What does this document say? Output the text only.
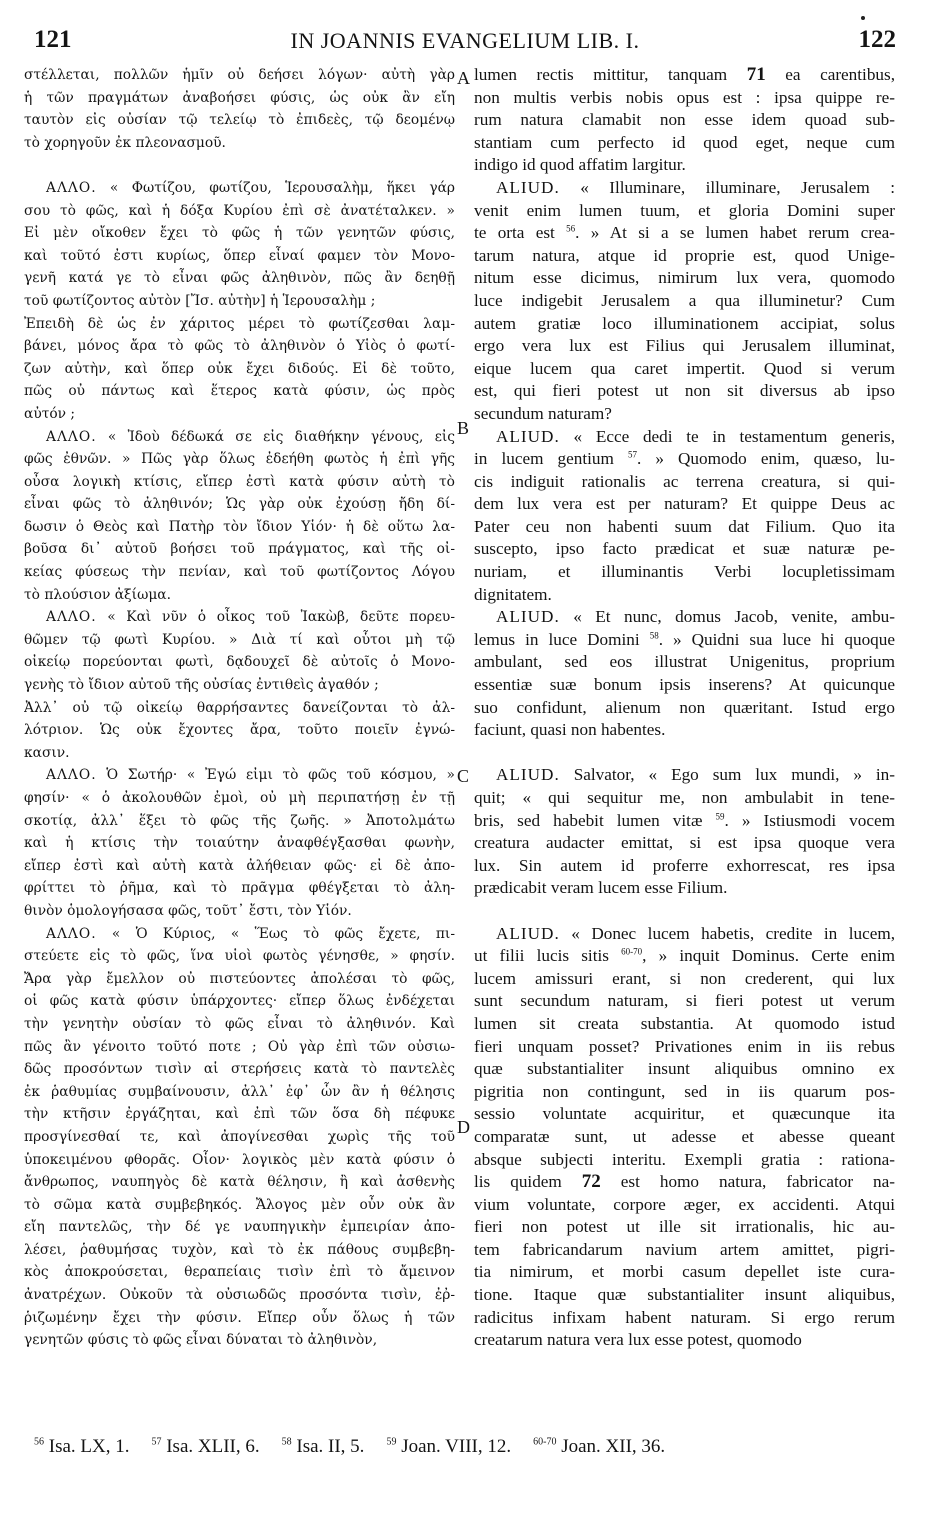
121	IN JOANNIS EVANGELIUM LIB. I.	122
στέλλεται, πολλῶν ἡμῖν οὐ δεήσει λόγων· αὐτὴ γὰρ
ἡ τῶν πραγμάτων ἀναβοήσει φύσις, ὡς οὐκ ἂν εἴη
ταυτὸν εἰς οὐσίαν τῷ τελείῳ τὸ ἐπιδεὲς, τῷ δεομένῳ
τὸ χορηγοῦν ἐκ πλεονασμοῦ.
ΑΛΛΟ. « Φωτίζου, φωτίζου, Ἱερουσαλὴμ, ἥκει γάρ
σου τὸ φῶς, καὶ ἡ δόξα Κυρίου ἐπὶ σὲ ἀνατέταλκεν. »
Εἰ μὲν οἴκοθεν ἔχει τὸ φῶς ἡ τῶν γενητῶν φύσις,
καὶ τοῦτό ἐστι κυρίως, ὅπερ εἶναί φαμεν τὸν Μονο-
γενῆ κατά γε τὸ εἶναι φῶς ἀληθινὸν, πῶς ἂν δεηθῇ
τοῦ φωτίζοντος αὐτὸν [Ἴσ. αὐτὴν] ἡ Ἱερουσαλὴμ ;
Ἐπειδὴ δὲ ὡς ἐν χάριτος μέρει τὸ φωτίζεσθαι λαμ-
βάνει, μόνος ἄρα τὸ φῶς τὸ ἀληθινὸν ὁ Υἱὸς ὁ φωτί-
ζων αὐτὴν, καὶ ὅπερ οὐκ ἔχει διδούς. Εἰ δὲ τοῦτο,
πῶς οὐ πάντως καὶ ἕτερος κατὰ φύσιν, ὡς πρὸς
αὐτόν ;
ΑΛΛΟ. « Ἰδοὺ δέδωκά σε εἰς διαθήκην γένους, εἰς
φῶς ἐθνῶν. » Πῶς γὰρ ὅλως ἐδεήθη φωτὸς ἡ ἐπὶ γῆς
οὖσα λογικὴ κτίσις, εἴπερ ἐστὶ κατὰ φύσιν αὐτὴ τὸ
εἶναι φῶς τὸ ἀληθινόν; Ὡς γὰρ οὐκ ἐχούσῃ ἤδη δί-
δωσιν ὁ Θεὸς καὶ Πατὴρ τὸν ἴδιον Υἱόν· ἡ δὲ οὕτω λα-
βοῦσα δι᾽ αὐτοῦ βοήσει τοῦ πράγματος, καὶ τῆς οἰ-
κείας φύσεως τὴν πενίαν, καὶ τοῦ φωτίζοντος Λόγου
τὸ πλούσιον ἀξίωμα.
ΑΛΛΟ. « Καὶ νῦν ὁ οἶκος τοῦ Ἰακὼβ, δεῦτε πορευ-
θῶμεν τῷ φωτὶ Κυρίου. » Διὰ τί καὶ οὗτοι μὴ τῷ
οἰκείῳ πορεύονται φωτὶ, δᾳδουχεῖ δὲ αὐτοῖς ὁ Μονο-
γενὴς τὸ ἴδιον αὐτοῦ τῆς οὐσίας ἐντιθεὶς ἀγαθόν ;
Ἀλλ᾽ οὐ τῷ οἰκείῳ θαρρήσαντες δανείζονται τὸ ἀλ-
λότριον. Ὡς οὐκ ἔχοντες ἄρα, τοῦτο ποιεῖν ἐγνώ-
κασιν.
ΑΛΛΟ. Ὁ Σωτήρ· « Ἐγώ εἰμι τὸ φῶς τοῦ κόσμου, »
φησίν· « ὁ ἀκολουθῶν ἐμοὶ, οὐ μὴ περιπατήσῃ ἐν τῇ
σκοτίᾳ, ἀλλ᾽ ἕξει τὸ φῶς τῆς ζωῆς. » Ἀποτολμάτω
καὶ ἡ κτίσις τὴν τοιαύτην ἀναφθέγξασθαι φωνὴν,
εἴπερ ἐστὶ καὶ αὐτὴ κατὰ ἀλήθειαν φῶς· εἰ δὲ ἀπο-
φρίττει τὸ ῥῆμα, καὶ τὸ πρᾶγμα φθέγξεται τὸ ἀλη-
θινὸν ὁμολογήσασα φῶς, τοῦτ᾽ ἔστι, τὸν Υἱόν.
ΑΛΛΟ. « Ὁ Κύριος, « Ἕως τὸ φῶς ἔχετε, πι-
στεύετε εἰς τὸ φῶς, ἵνα υἱοὶ φωτὸς γένησθε, » φησίν.
Ἄρα γὰρ ἔμελλον οὐ πιστεύοντες ἀπολέσαι τὸ φῶς,
οἱ φῶς κατὰ φύσιν ὑπάρχοντες· εἴπερ ὅλως ἐνδέχεται
τὴν γενητὴν οὐσίαν τὸ φῶς εἶναι τὸ ἀληθινόν. Καὶ
πῶς ἂν γένοιτο τοῦτό ποτε ; Οὐ γὰρ ἐπὶ τῶν οὐσιω-
δῶς προσόντων τισὶν αἱ στερήσεις κατὰ τὸ παντελὲς
ἐκ ῥαθυμίας συμβαίνουσιν, ἀλλ᾽ ἐφ᾽ ὧν ἂν ἡ θέλησις
τὴν κτῆσιν ἐργάζηται, καὶ ἐπὶ τῶν ὅσα δὴ πέφυκε
προσγίνεσθαί τε, καὶ ἀπογίνεσθαι χωρὶς τῆς τοῦ
ὑποκειμένου φθορᾶς. Οἷον· λογικὸς μὲν κατὰ φύσιν ὁ
ἄνθρωπος, ναυπηγὸς δὲ κατὰ θέλησιν, ἢ καὶ ἀσθενὴς
τὸ σῶμα κατὰ συμβεβηκός. Ἄλογος μὲν οὖν οὐκ ἂν
εἴη παντελῶς, τὴν δέ γε ναυπηγικὴν ἐμπειρίαν ἀπο-
λέσει, ῥαθυμήσας τυχὸν, καὶ τὸ ἐκ πάθους συμβεβη-
κὸς ἀποκρούσεται, θεραπείαις τισὶν ἐπὶ τὸ ἄμεινον
ἀνατρέχων. Οὐκοῦν τὰ οὐσιωδῶς προσόντα τισὶν, ἐῤ-
ῥιζωμένην ἔχει τὴν φύσιν. Εἴπερ οὖν ὅλως ἡ τῶν
γενητῶν φύσις τὸ φῶς εἶναι δύναται τὸ ἀληθινὸν,
lumen rectis mittitur, tanquam 71 ea carentibus,
non multis verbis nobis opus est : ipsa quippe re-
rum natura clamabit non esse idem quoad sub-
stantiam cum perfecto id quod eget, neque cum
indigo id quod affatim largitur.
ALIUD. « Illuminare, illuminare, Jerusalem :
venit enim lumen tuum, et gloria Domini super
te orta est $^{56}$. » At si a se lumen habet rerum crea-
tarum natura, atque id proprie est, quod Unige-
nitum esse dicimus, nimirum lux vera, quomodo
luce indigebit Jerusalem a qua illuminetur? Cum
autem gratiæ loco illuminationem accipiat, solus
ergo vera lux est Filius qui Jerusalem illuminat,
eique lucem qua caret impertit. Quod si verum
est, qui fieri potest ut non sit diversus ab ipso
secundum naturam?
ALIUD. « Ecce dedi te in testamentum generis,
in lucem gentium $^{57}$. » Quomodo enim, quæso, lu-
cis indiguit rationalis ac terrena creatura, si qui-
dem lux vera est per naturam? Et quippe Deus ac
Pater ceu non habenti suum dat Filium. Quo ita
suscepto, ipso facto prædicat et suæ naturæ pe-
nuriam, et illuminantis Verbi locupletissimam
dignitatem.
ALIUD. « Et nunc, domus Jacob, venite, ambu-
lemus in luce Domini $^{58}$. » Quidni sua luce hi quoque
ambulant, sed eos illustrat Unigenitus, proprium
essentiæ suæ bonum ipsis inserens? At quicunque
suo confidunt, alienum non quæritant. Istud ergo
faciunt, quasi non habentes.
ALIUD. Salvator, « Ego sum lux mundi, » in-
quit; « qui sequitur me, non ambulabit in tene-
bris, sed habebit lumen vitæ $^{59}$. » Istiusmodi vocem
creatura audacter emittat, si est ipsa quoque vera
lux. Sin autem id proferre exhorrescat, res ipsa
prædicabit veram lucem esse Filium.
ALIUD. « Donec lucem habetis, credite in lucem,
ut filii lucis sitis $^{60-70}$, » inquit Dominus. Certe enim
lucem amissuri erant, si non crederent, qui lux
sunt secundum naturam, si fieri potest ut verum
lumen sit creata substantia. At quomodo istud
fieri unquam posset? Privationes enim in iis rebus
quæ substantialiter insunt aliquibus omnino ex
pigritia non contingunt, sed in iis quarum pos-
sessio voluntate acquiritur, et quæcunque ita
comparatæ sunt, ut adesse et abesse queant
absque subjecti interitu. Exempli gratia : rationa-
lis quidem 72 est homo natura, fabricator na-
vium voluntate, corpore æger, ex accidenti. Atqui
fieri non potest ut ille sit irrationalis, hic au-
tem fabricandarum navium artem amittet, pigri-
tia nimirum, et morbi casum depellet iste cura-
tione. Itaque quæ substantialiter insunt aliquibus,
radicitus infixam habent naturam. Si ergo rerum
creatarum natura vera lux esse potest, quomodo
A
B
C
D
$^{56}$ Isa. LX, 1. $^{57}$ Isa. XLII, 6. $^{58}$ Isa. II, 5. $^{59}$ Joan. VIII, 12. $^{60-70}$ Joan. XII, 36.
